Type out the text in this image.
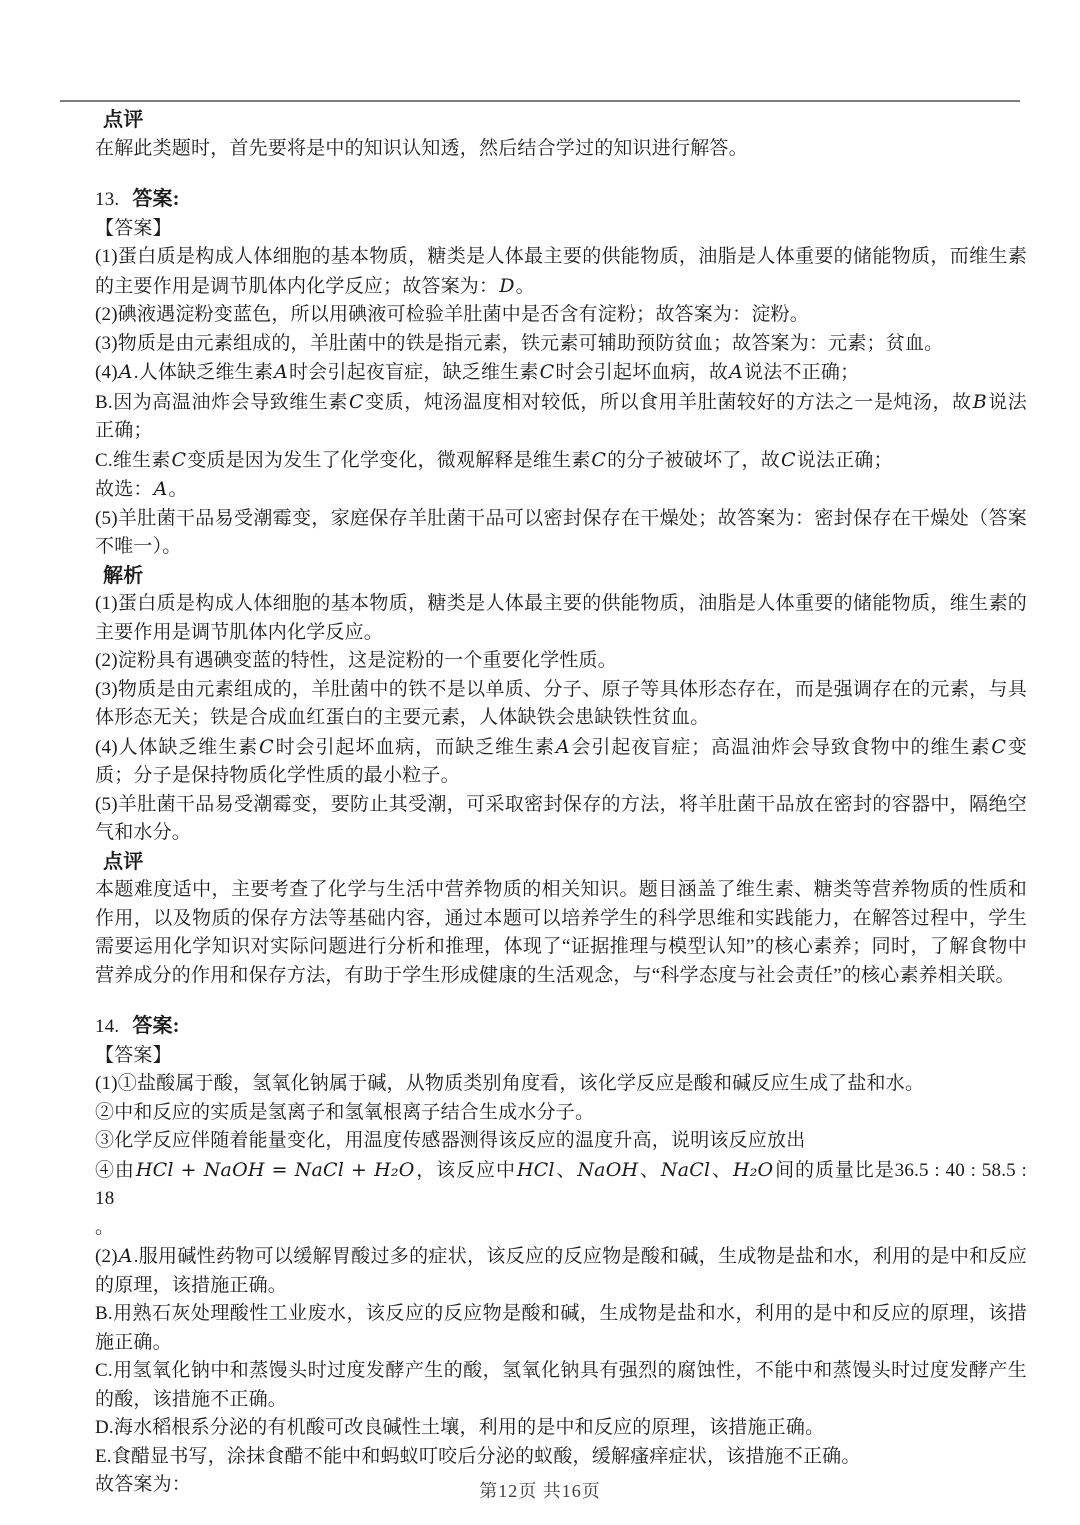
点评

在解此类题时，首先要将是中的知识认知透，然后结合学过的知识进行解答。

13. 答案:

【答案】

(1)蛋白质是构成人体细胞的基本物质，糖类是人体最主要的供能物质，油脂是人体重要的储能物质，而维生素的主要作用是调节肌体内化学反应；故答案为：D。

(2)碘液遇淀粉变蓝色，所以用碘液可检验羊肚菌中是否含有淀粉；故答案为：淀粉。

(3)物质是由元素组成的，羊肚菌中的铁是指元素，铁元素可辅助预防贫血；故答案为：元素；贫血。

(4)A.人体缺乏维生素A时会引起夜盲症，缺乏维生素C时会引起坏血病，故A说法不正确；

B.因为高温油炸会导致维生素C变质，炖汤温度相对较低，所以食用羊肚菌较好的方法之一是炖汤，故B说法正确；

C.维生素C变质是因为发生了化学变化，微观解释是维生素C的分子被破坏了，故C说法正确；

故选：A。

(5)羊肚菌干品易受潮霉变，家庭保存羊肚菌干品可以密封保存在干燥处；故答案为：密封保存在干燥处（答案不唯一）。

解析

(1)蛋白质是构成人体细胞的基本物质，糖类是人体最主要的供能物质，油脂是人体重要的储能物质，维生素的主要作用是调节肌体内化学反应。

(2)淀粉具有遇碘变蓝的特性，这是淀粉的一个重要化学性质。

(3)物质是由元素组成的，羊肚菌中的铁不是以单质、分子、原子等具体形态存在，而是强调存在的元素，与具体形态无关；铁是合成血红蛋白的主要元素，人体缺铁会患缺铁性贫血。

(4)人体缺乏维生素C时会引起坏血病，而缺乏维生素A会引起夜盲症；高温油炸会导致食物中的维生素C变质；分子是保持物质化学性质的最小粒子。

(5)羊肚菌干品易受潮霉变，要防止其受潮，可采取密封保存的方法，将羊肚菌干品放在密封的容器中，隔绝空气和水分。

点评

本题难度适中，主要考查了化学与生活中营养物质的相关知识。题目涵盖了维生素、糖类等营养物质的性质和作用，以及物质的保存方法等基础内容，通过本题可以培养学生的科学思维和实践能力，在解答过程中，学生需要运用化学知识对实际问题进行分析和推理，体现了“证据推理与模型认知”的核心素养；同时，了解食物中营养成分的作用和保存方法，有助于学生形成健康的生活观念，与“科学态度与社会责任”的核心素养相关联。

14. 答案:

【答案】

(1)①盐酸属于酸，氢氧化钠属于碱，从物质类别角度看，该化学反应是酸和碱反应生成了盐和水。

②中和反应的实质是氢离子和氢氧根离子结合生成水分子。

③化学反应伴随着能量变化，用温度传感器测得该反应的温度升高，说明该反应放出

④由HCl + NaOH = NaCl + H₂O，该反应中HCl、NaOH、NaCl、H₂O间的质量比是36.5 : 40 : 58.5 : 18

。

(2)A.服用碱性药物可以缓解胃酸过多的症状，该反应的反应物是酸和碱，生成物是盐和水，利用的是中和反应的原理，该措施正确。

B.用熟石灰处理酸性工业废水，该反应的反应物是酸和碱，生成物是盐和水，利用的是中和反应的原理，该措施正确。

C.用氢氧化钠中和蒸馒头时过度发酵产生的酸，氢氧化钠具有强烈的腐蚀性，不能中和蒸馒头时过度发酵产生的酸，该措施不正确。

D.海水稻根系分泌的有机酸可改良碱性土壤，利用的是中和反应的原理，该措施正确。

E.食醋显书写，涂抹食醋不能中和蚂蚁叮咬后分泌的蚁酸，缓解瘙痒症状，该措施不正确。

故答案为：	第12页 共16页
